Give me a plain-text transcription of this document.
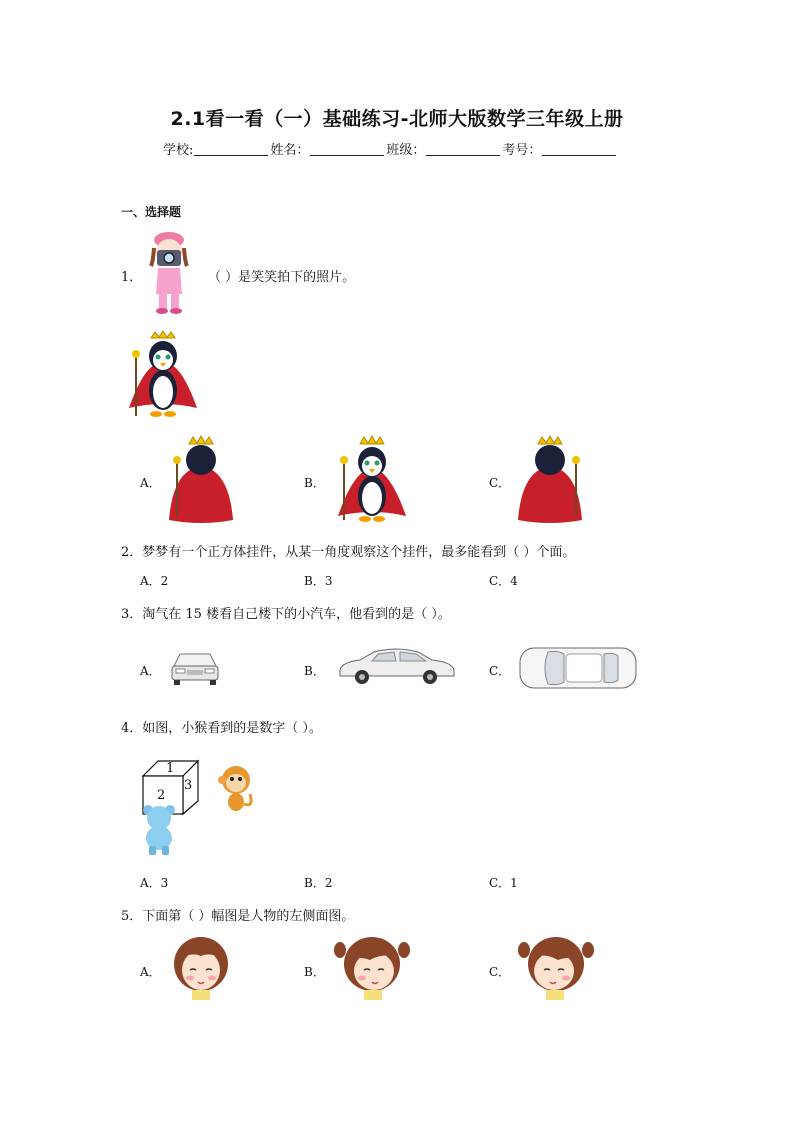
2.1看一看（一）基础练习-北师大版数学三年级上册
学校:	姓名：	班级：	考号：
一、选择题
1．	（ ）是笑笑拍下的照片。
A．	B．	C．
2．梦梦有一个正方体挂件，从某一角度观察这个挂件，最多能看到（ ）个面。
A．2	B．3	C．4
3．淘气在 15 楼看自己楼下的小汽车，他看到的是（ ）。
A．	B．	C．
4．如图，小猴看到的是数字（ ）。
1
2
3
A．3	B．2	C．1
5．下面第（ ）幅图是人物的左侧面图。
A．	B．	C．
